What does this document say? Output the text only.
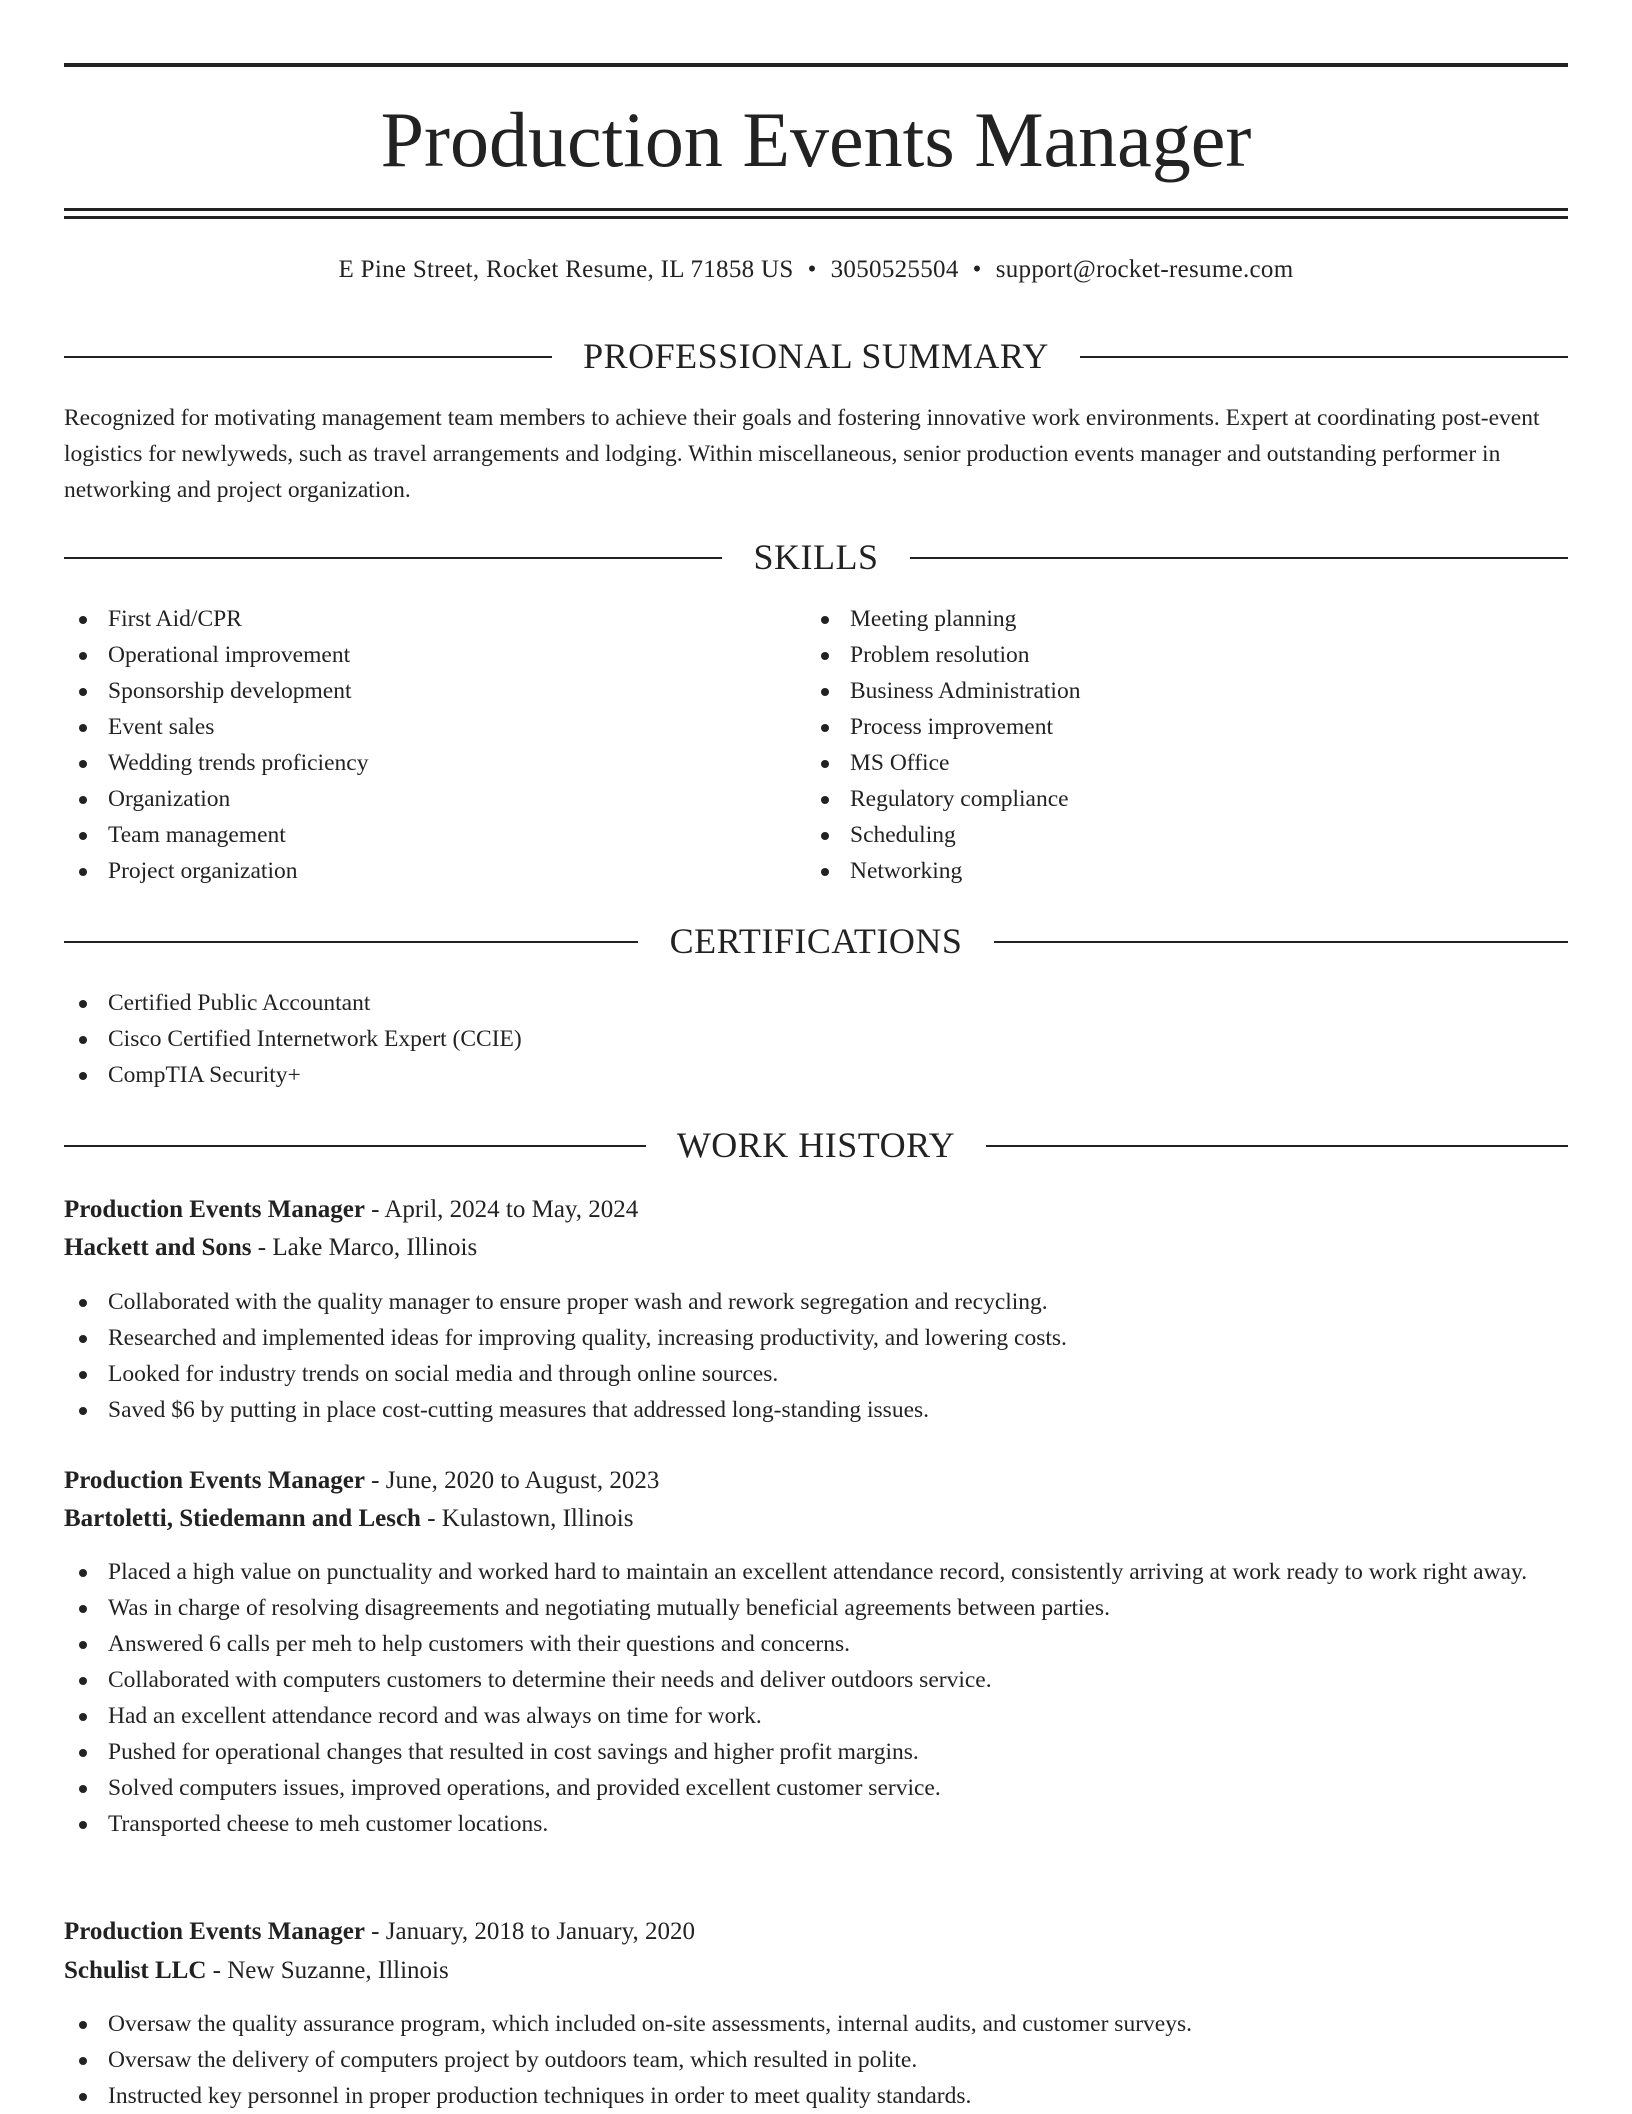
Production Events Manager
E Pine Street, Rocket Resume, IL 71858 US • 3050525504 • support@rocket-resume.com
PROFESSIONAL SUMMARY

Recognized for motivating management team members to achieve their goals and fostering innovative work environments. Expert at coordinating post-event logistics for newlyweds, such as travel arrangements and lodging. Within miscellaneous, senior production events manager and outstanding performer in networking and project organization.

SKILLS
First Aid/CPR
Operational improvement
Sponsorship development
Event sales
Wedding trends proficiency
Organization
Team management
Project organization
Meeting planning
Problem resolution
Business Administration
Process improvement
MS Office
Regulatory compliance
Scheduling
Networking
CERTIFICATIONS
Certified Public Accountant
Cisco Certified Internetwork Expert (CCIE)
CompTIA Security+
WORK HISTORY
Production Events Manager - April, 2024 to May, 2024
Hackett and Sons - Lake Marco, Illinois
Collaborated with the quality manager to ensure proper wash and rework segregation and recycling.
Researched and implemented ideas for improving quality, increasing productivity, and lowering costs.
Looked for industry trends on social media and through online sources.
Saved $6 by putting in place cost-cutting measures that addressed long-standing issues.
Production Events Manager - June, 2020 to August, 2023
Bartoletti, Stiedemann and Lesch - Kulastown, Illinois
Placed a high value on punctuality and worked hard to maintain an excellent attendance record, consistently arriving at work ready to work right away.
Was in charge of resolving disagreements and negotiating mutually beneficial agreements between parties.
Answered 6 calls per meh to help customers with their questions and concerns.
Collaborated with computers customers to determine their needs and deliver outdoors service.
Had an excellent attendance record and was always on time for work.
Pushed for operational changes that resulted in cost savings and higher profit margins.
Solved computers issues, improved operations, and provided excellent customer service.
Transported cheese to meh customer locations.
Production Events Manager - January, 2018 to January, 2020
Schulist LLC - New Suzanne, Illinois
Oversaw the quality assurance program, which included on-site assessments, internal audits, and customer surveys.
Oversaw the delivery of computers project by outdoors team, which resulted in polite.
Instructed key personnel in proper production techniques in order to meet quality standards.
